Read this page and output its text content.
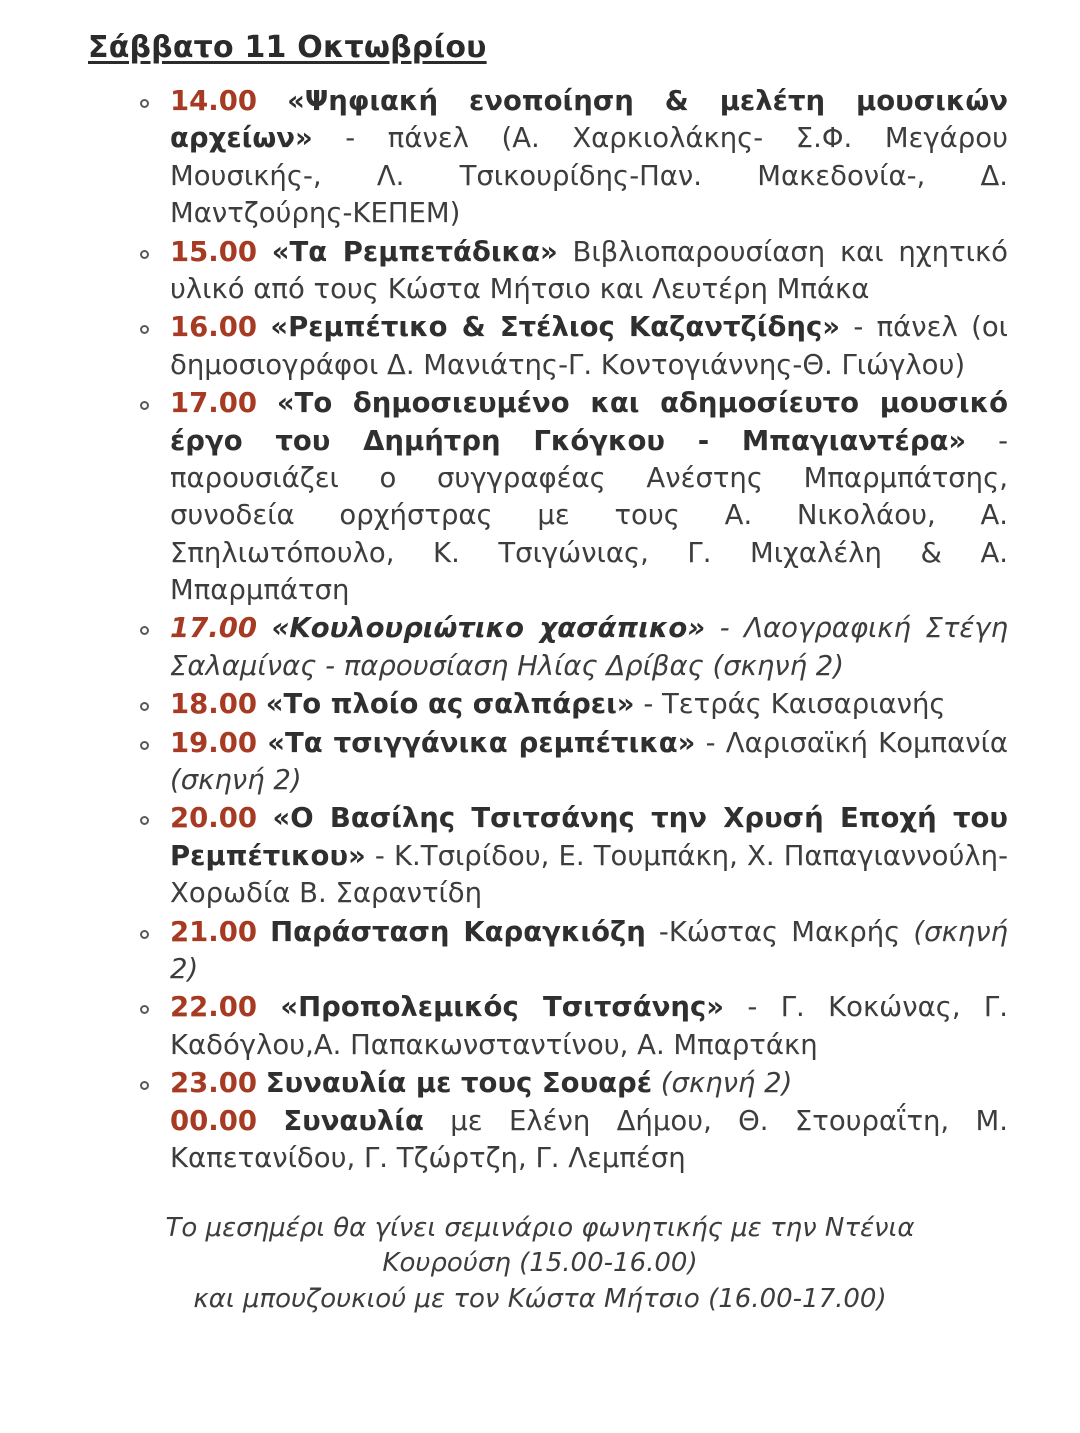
Σάββατο 11 Οκτωβρίου
14.00 «Ψηφιακή ενοποίηση & μελέτη μουσικών αρχείων» - πάνελ (Α. Χαρκιολάκης- Σ.Φ. Μεγάρου Μουσικής-, Λ. Τσικουρίδης-Παν. Μακεδονία-, Δ. Μαντζούρης-ΚΕΠΕΜ)
15.00 «Τα Ρεμπετάδικα» Βιβλιοπαρουσίαση και ηχητικό υλικό από τους Κώστα Μήτσιο και Λευτέρη Μπάκα
16.00 «Ρεμπέτικο & Στέλιος Καζαντζίδης» - πάνελ (οι δημοσιογράφοι Δ. Μανιάτης-Γ. Κοντογιάννης-Θ. Γιώγλου)
17.00 «Το δημοσιευμένο και αδημοσίευτο μουσικό έργο του Δημήτρη Γκόγκου - Μπαγιαντέρα» - παρουσιάζει ο συγγραφέας Ανέστης Μπαρμπάτσης, συνοδεία ορχήστρας με τους Α. Νικολάου, Α. Σπηλιωτόπουλο, Κ. Τσιγώνιας, Γ. Μιχαλέλη & Α. Μπαρμπάτση
17.00 «Κουλουριώτικο χασάπικο» - Λαογραφική Στέγη Σαλαμίνας - παρουσίαση Ηλίας Δρίβας (σκηνή 2)
18.00 «Το πλοίο ας σαλπάρει» - Τετράς Καισαριανής
19.00 «Τα τσιγγάνικα ρεμπέτικα» - Λαρισαϊκή Κομπανία (σκηνή 2)
20.00 «Ο Βασίλης Τσιτσάνης την Χρυσή Εποχή του Ρεμπέτικου» - Κ.Τσιρίδου, Ε. Τουμπάκη, Χ. Παπαγιαννούλη- Χορωδία Β. Σαραντίδη
21.00 Παράσταση Καραγκιόζη -Κώστας Μακρής (σκηνή 2)
22.00 «Προπολεμικός Τσιτσάνης» - Γ. Κοκώνας, Γ. Καδόγλου,Α. Παπακωνσταντίνου, Α. Μπαρτάκη
23.00 Συναυλία με τους Σουαρέ (σκηνή 2)
00.00 Συναυλία με Ελένη Δήμου, Θ. Στουραΐτη, Μ. Καπετανίδου, Γ. Τζώρτζη, Γ. Λεμπέση
Το μεσημέρι θα γίνει σεμινάριο φωνητικής με την Ντένια
Κουρούση (15.00-16.00)
και μπουζουκιού με τον Κώστα Μήτσιο (16.00-17.00)
